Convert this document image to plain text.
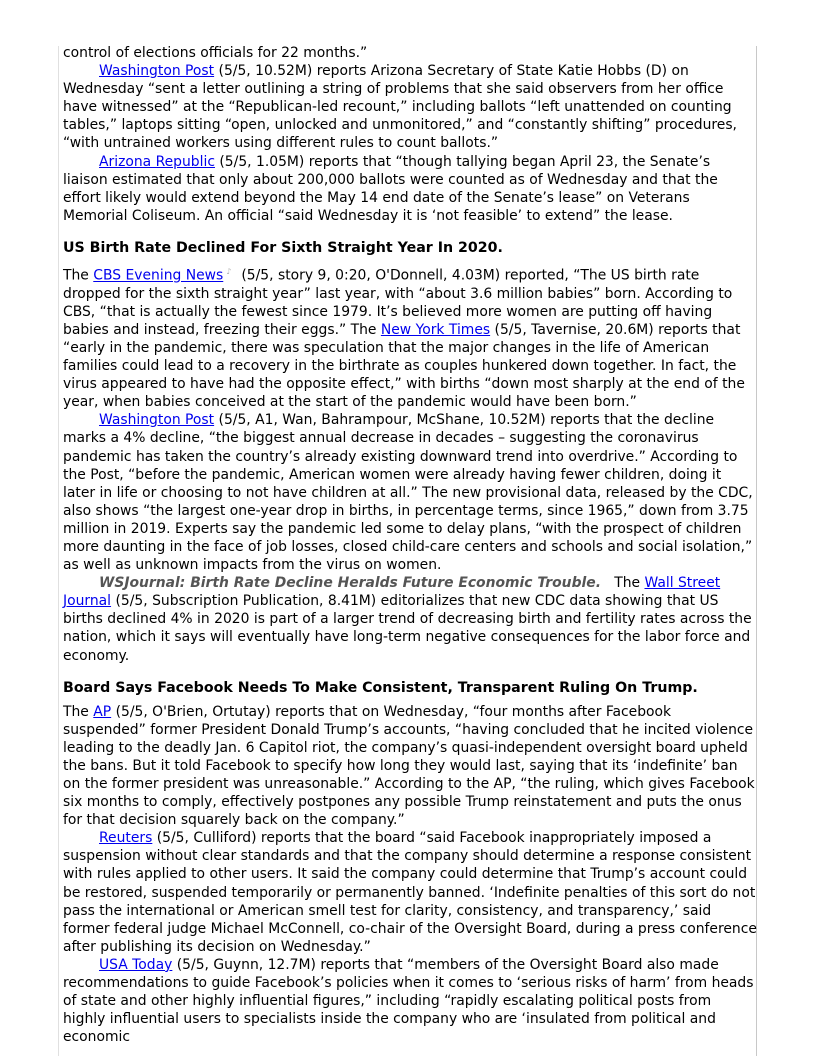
control of elections officials for 22 months.”

Washington Post (5/5, 10.52M) reports Arizona Secretary of State Katie Hobbs (D) on Wednesday “sent a letter outlining a string of problems that she said observers from her office have witnessed” at the “Republican-led recount,” including ballots “left unattended on counting tables,” laptops sitting “open, unlocked and unmonitored,” and “constantly shifting” procedures, “with untrained workers using different rules to count ballots.”

Arizona Republic (5/5, 1.05M) reports that “though tallying began April 23, the Senate’s liaison estimated that only about 200,000 ballots were counted as of Wednesday and that the effort likely would extend beyond the May 14 end date of the Senate’s lease” on Veterans Memorial Coliseum. An official “said Wednesday it is ‘not feasible’ to extend” the lease.

US Birth Rate Declined For Sixth Straight Year In 2020.

The CBS Evening News ♪ (5/5, story 9, 0:20, O'Donnell, 4.03M) reported, “The US birth rate dropped for the sixth straight year” last year, with “about 3.6 million babies” born. According to CBS, “that is actually the fewest since 1979. It’s believed more women are putting off having babies and instead, freezing their eggs.” The New York Times (5/5, Tavernise, 20.6M) reports that “early in the pandemic, there was speculation that the major changes in the life of American families could lead to a recovery in the birthrate as couples hunkered down together. In fact, the virus appeared to have had the opposite effect,” with births “down most sharply at the end of the year, when babies conceived at the start of the pandemic would have been born.”

Washington Post (5/5, A1, Wan, Bahrampour, McShane, 10.52M) reports that the decline marks a 4% decline, “the biggest annual decrease in decades – suggesting the coronavirus pandemic has taken the country’s already existing downward trend into overdrive.” According to the Post, “before the pandemic, American women were already having fewer children, doing it later in life or choosing to not have children at all.” The new provisional data, released by the CDC, also shows “the largest one-year drop in births, in percentage terms, since 1965,” down from 3.75 million in 2019. Experts say the pandemic led some to delay plans, “with the prospect of children more daunting in the face of job losses, closed child-care centers and schools and social isolation,” as well as unknown impacts from the virus on women.

WSJournal: Birth Rate Decline Heralds Future Economic Trouble.   The Wall Street Journal (5/5, Subscription Publication, 8.41M) editorializes that new CDC data showing that US births declined 4% in 2020 is part of a larger trend of decreasing birth and fertility rates across the nation, which it says will eventually have long-term negative consequences for the labor force and economy.

Board Says Facebook Needs To Make Consistent, Transparent Ruling On Trump.

The AP (5/5, O'Brien, Ortutay) reports that on Wednesday, “four months after Facebook suspended” former President Donald Trump’s accounts, “having concluded that he incited violence leading to the deadly Jan. 6 Capitol riot, the company’s quasi-independent oversight board upheld the bans. But it told Facebook to specify how long they would last, saying that its ‘indefinite’ ban on the former president was unreasonable.” According to the AP, “the ruling, which gives Facebook six months to comply, effectively postpones any possible Trump reinstatement and puts the onus for that decision squarely back on the company.”

Reuters (5/5, Culliford) reports that the board “said Facebook inappropriately imposed a suspension without clear standards and that the company should determine a response consistent with rules applied to other users. It said the company could determine that Trump’s account could be restored, suspended temporarily or permanently banned. ‘Indefinite penalties of this sort do not pass the international or American smell test for clarity, consistency, and transparency,’ said former federal judge Michael McConnell, co-chair of the Oversight Board, during a press conference after publishing its decision on Wednesday.”

USA Today (5/5, Guynn, 12.7M) reports that “members of the Oversight Board also made recommendations to guide Facebook’s policies when it comes to ‘serious risks of harm’ from heads of state and other highly influential figures,” including “rapidly escalating political posts from highly influential users to specialists inside the company who are ‘insulated from political and economic
